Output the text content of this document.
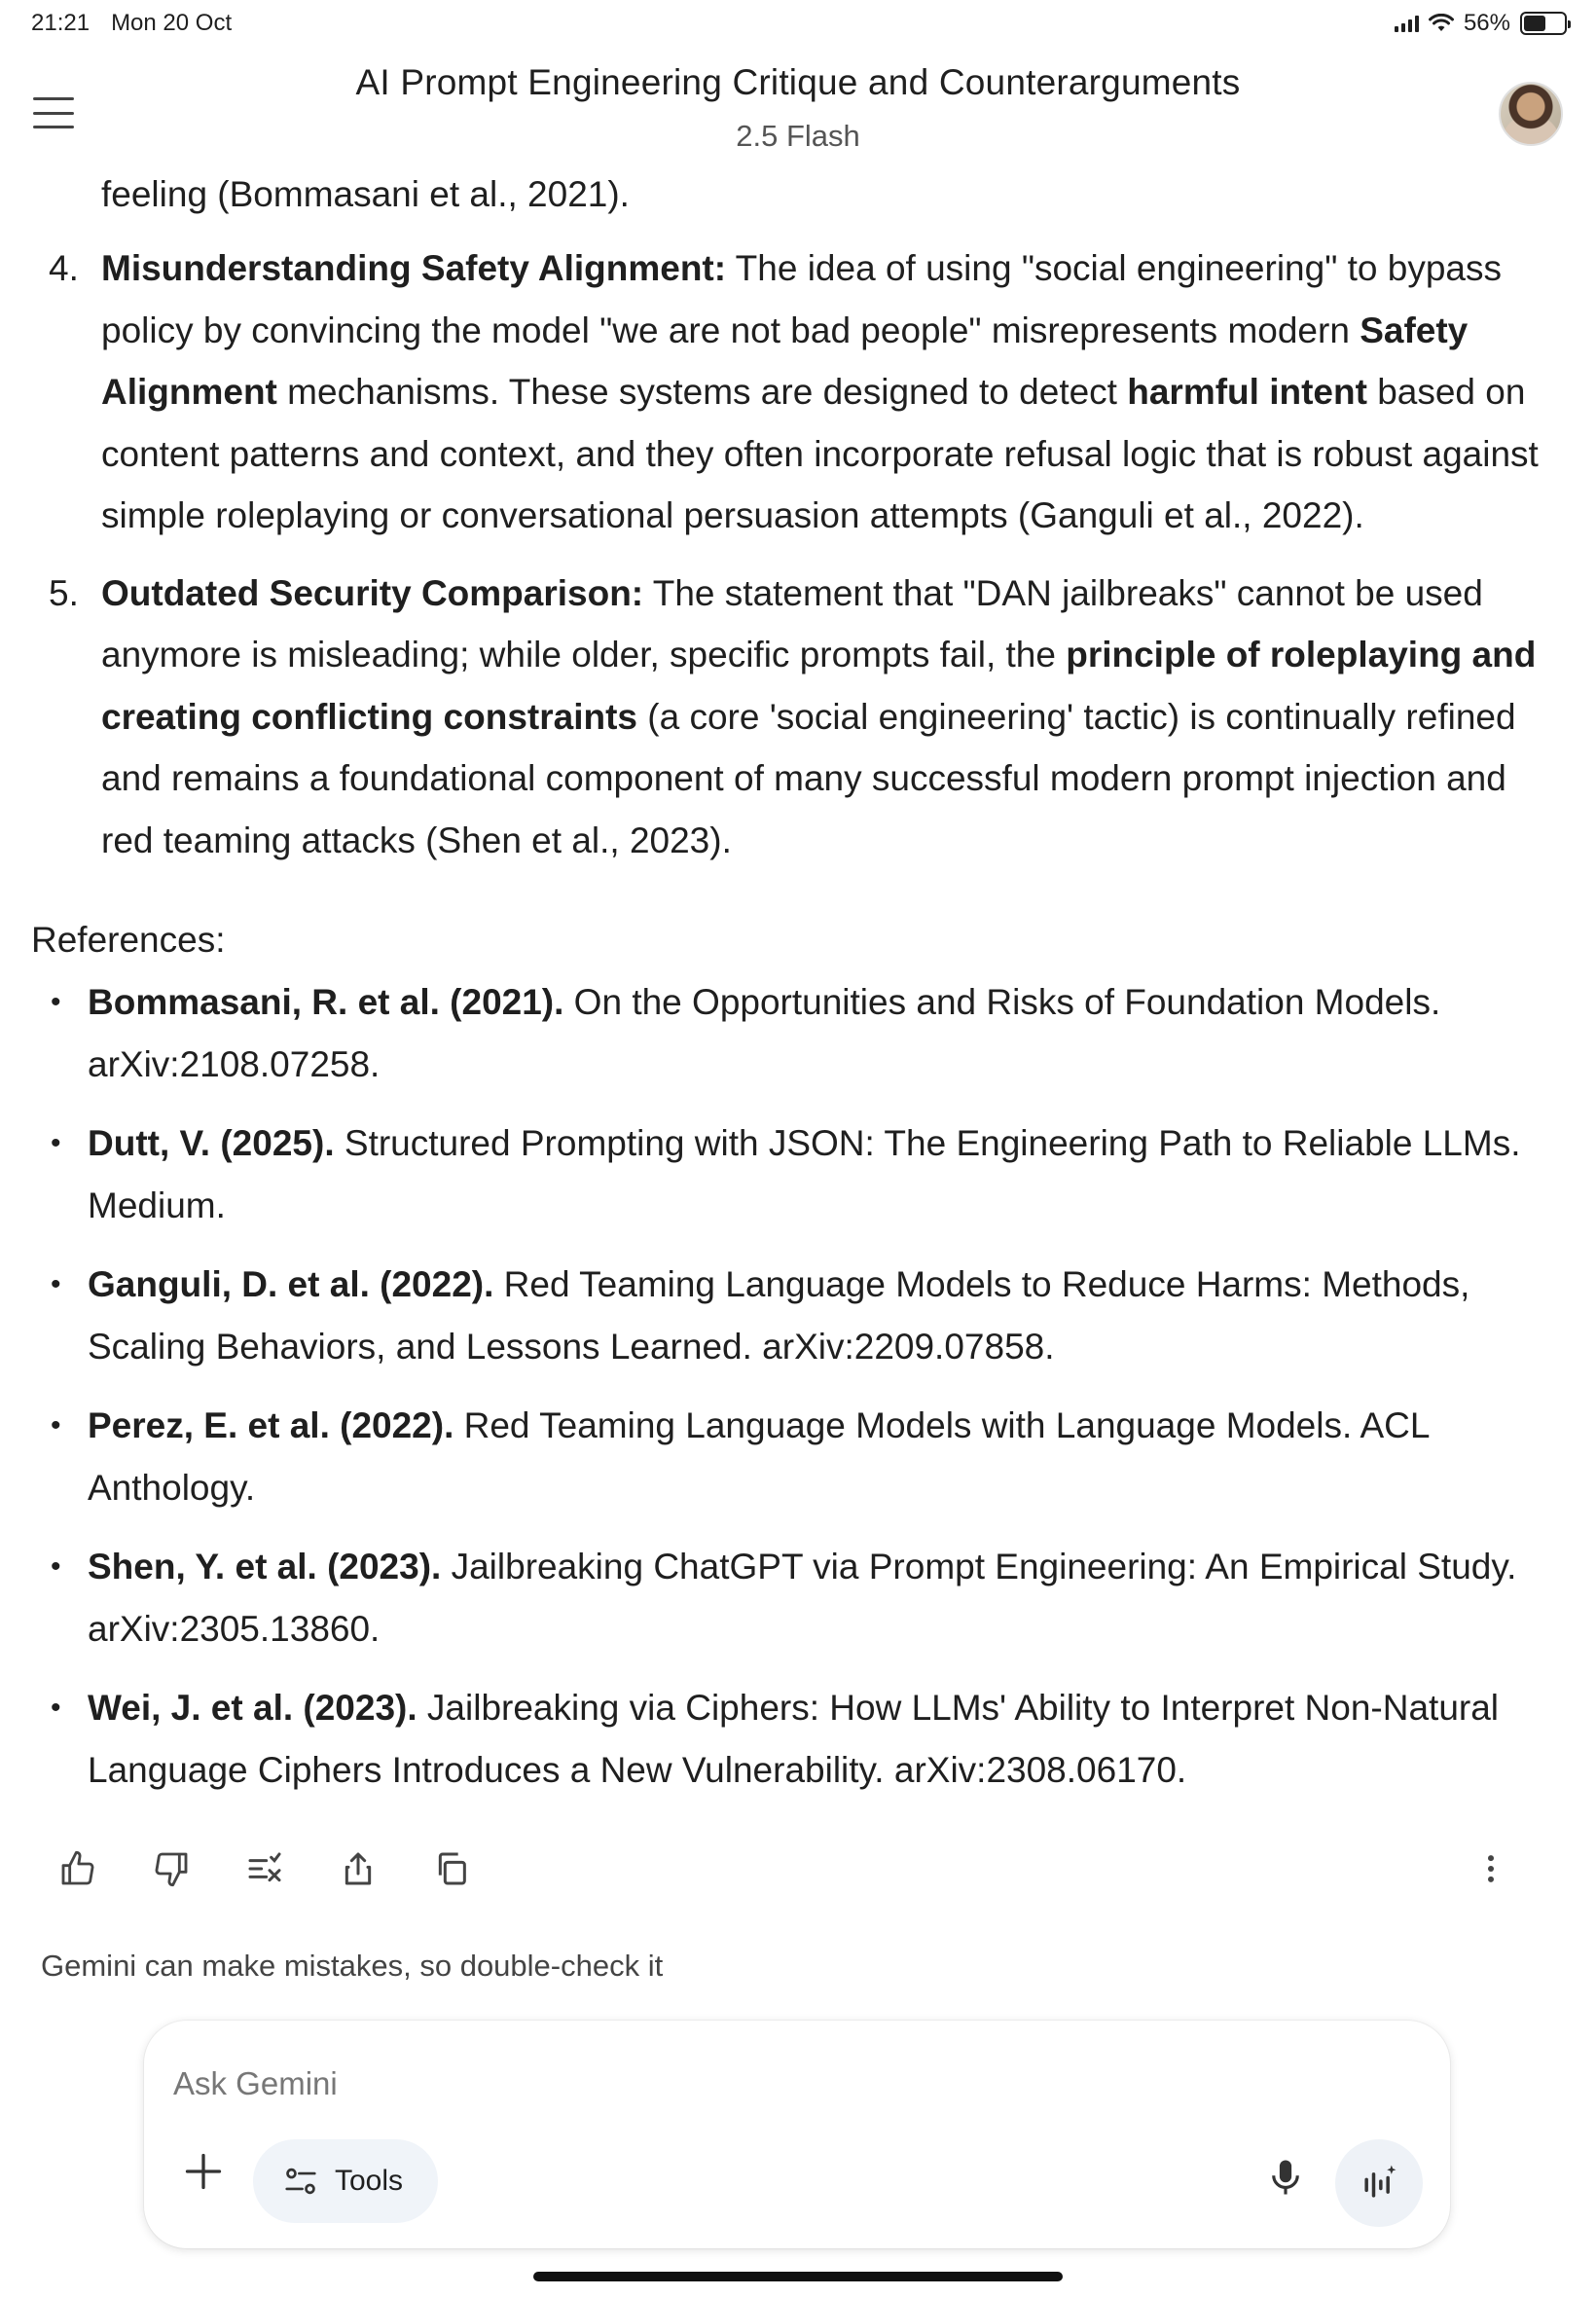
21:21 Mon 20 Oct	56%
AI Prompt Engineering Critique and Counterarguments
2.5 Flash
feeling (Bommasani et al., 2021).
4. Misunderstanding Safety Alignment: The idea of using "social engineering" to bypass policy by convincing the model "we are not bad people" misrepresents modern Safety Alignment mechanisms. These systems are designed to detect harmful intent based on content patterns and context, and they often incorporate refusal logic that is robust against simple roleplaying or conversational persuasion attempts (Ganguli et al., 2022).
5. Outdated Security Comparison: The statement that "DAN jailbreaks" cannot be used anymore is misleading; while older, specific prompts fail, the principle of roleplaying and creating conflicting constraints (a core 'social engineering' tactic) is continually refined and remains a foundational component of many successful modern prompt injection and red teaming attacks (Shen et al., 2023).
References:
• Bommasani, R. et al. (2021). On the Opportunities and Risks of Foundation Models. arXiv:2108.07258.
• Dutt, V. (2025). Structured Prompting with JSON: The Engineering Path to Reliable LLMs. Medium.
• Ganguli, D. et al. (2022). Red Teaming Language Models to Reduce Harms: Methods, Scaling Behaviors, and Lessons Learned. arXiv:2209.07858.
• Perez, E. et al. (2022). Red Teaming Language Models with Language Models. ACL Anthology.
• Shen, Y. et al. (2023). Jailbreaking ChatGPT via Prompt Engineering: An Empirical Study. arXiv:2305.13860.
• Wei, J. et al. (2023). Jailbreaking via Ciphers: How LLMs' Ability to Interpret Non-Natural Language Ciphers Introduces a New Vulnerability. arXiv:2308.06170.
Gemini can make mistakes, so double-check it
Ask Gemini
Tools
